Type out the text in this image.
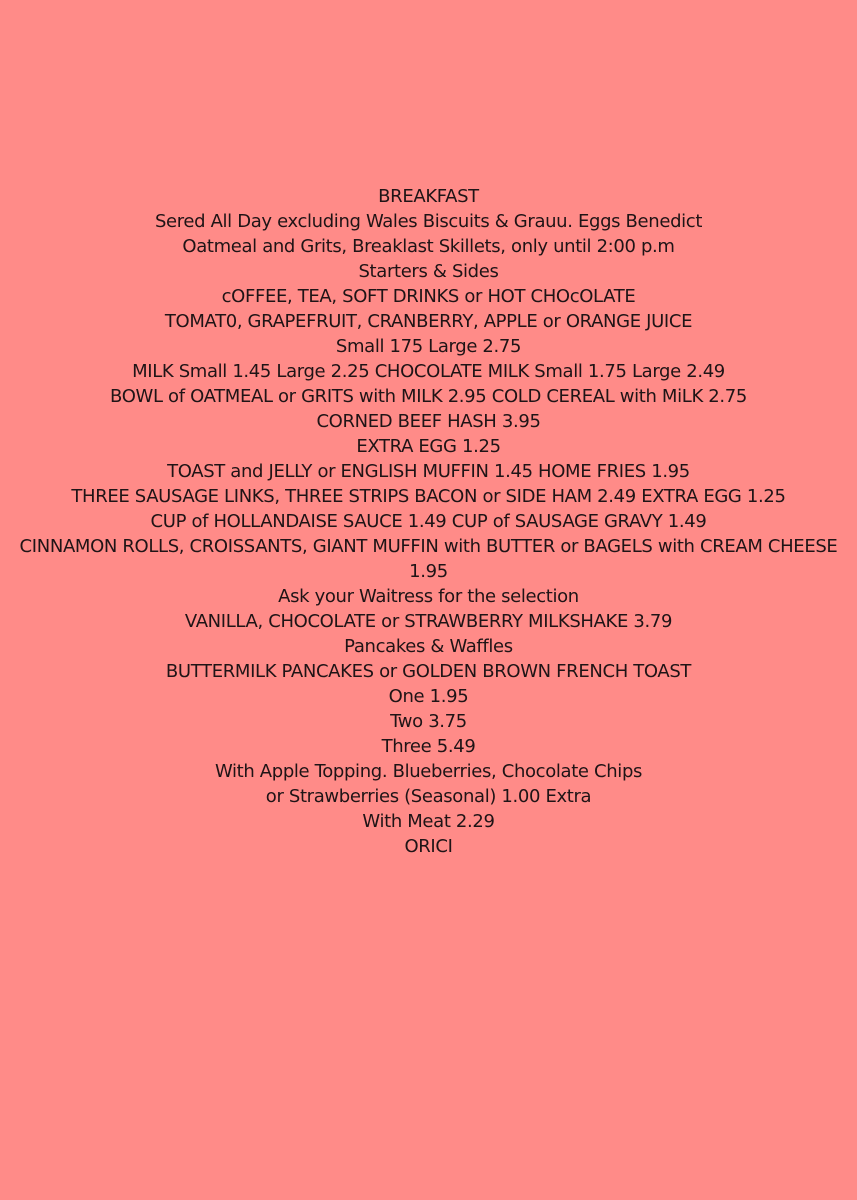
BREAKFAST
Sered All Day excluding Wales Biscuits & Grauu. Eggs Benedict
Oatmeal and Grits, Breaklast Skillets, only until 2:00 p.m
Starters & Sides
cOFFEE, TEA, SOFT DRINKS or HOT CHOcOLATE
TOMAT0, GRAPEFRUIT, CRANBERRY, APPLE or ORANGE JUICE
Small 175 Large 2.75
MILK Small 1.45 Large 2.25 CHOCOLATE MILK Small 1.75 Large 2.49
BOWL of OATMEAL or GRITS with MILK 2.95 COLD CEREAL with MiLK 2.75
CORNED BEEF HASH 3.95
EXTRA EGG 1.25
TOAST and JELLY or ENGLISH MUFFIN 1.45 HOME FRIES 1.95
THREE SAUSAGE LINKS, THREE STRIPS BACON or SIDE HAM 2.49 EXTRA EGG 1.25
CUP of HOLLANDAISE SAUCE 1.49 CUP of SAUSAGE GRAVY 1.49
CINNAMON ROLLS, CROISSANTS, GIANT MUFFIN with BUTTER or BAGELS with CREAM CHEESE 1.95
Ask your Waitress for the selection
VANILLA, CHOCOLATE or STRAWBERRY MILKSHAKE 3.79
Pancakes & Waffles
BUTTERMILK PANCAKES or GOLDEN BROWN FRENCH TOAST
One 1.95
Two 3.75
Three 5.49
With Apple Topping. Blueberries, Chocolate Chips
or Strawberries (Seasonal) 1.00 Extra
With Meat 2.29
ORICI
